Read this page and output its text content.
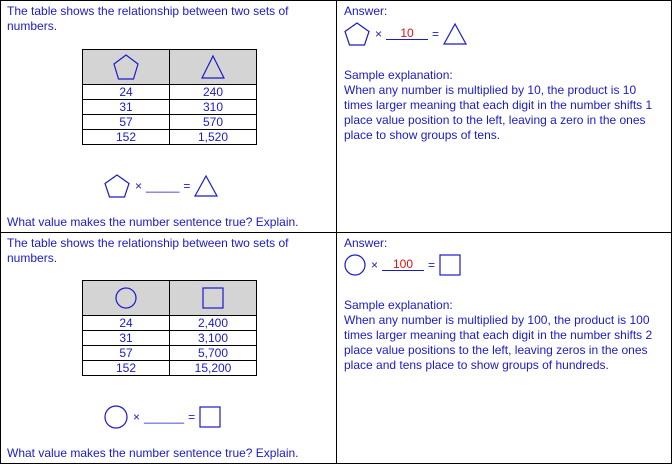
The table shows the relationship between two sets of numbers.

24	240
31	310
57	570
152	1,520
× _____ =
What value makes the number sentence true? Explain.
Answer:
×	10	=
Sample explanation:
When any number is multiplied by 10, the product is 10 times larger meaning that each digit in the number shifts 1 place value position to the left, leaving a zero in the ones place to show groups of tens.
The table shows the relationship between two sets of numbers.

24	2,400
31	3,100
57	5,700
152	15,200
× ______ =
What value makes the number sentence true? Explain.
Answer:
×	100	=
Sample explanation:
When any number is multiplied by 100, the product is 100 times larger meaning that each digit in the number shifts 2 place value positions to the left, leaving zeros in the ones place and tens place to show groups of hundreds.
